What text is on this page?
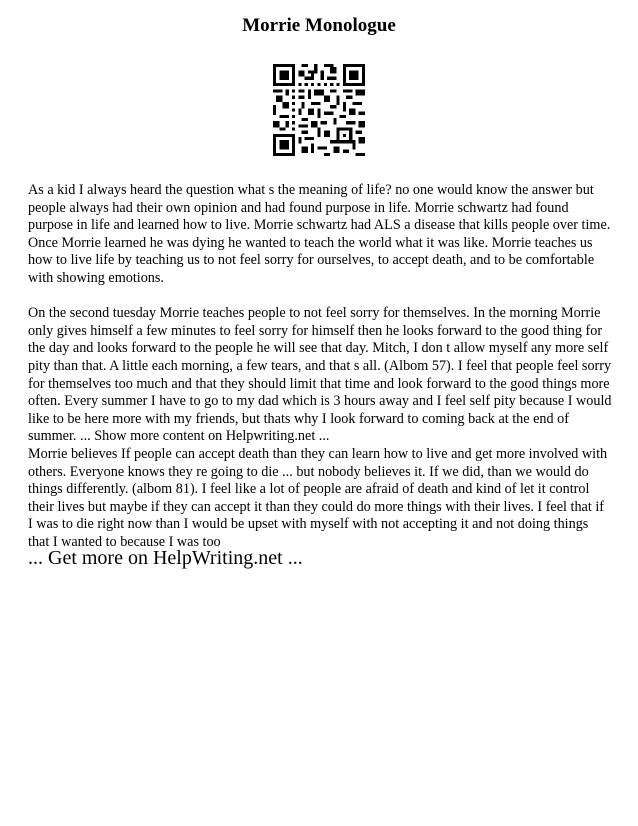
Morrie Monologue

As a kid I always heard the question what s the meaning of life? no one would know the answer but people always had their own opinion and had found purpose in life. Morrie schwartz had found purpose in life and learned how to live. Morrie schwartz had ALS a disease that kills people over time. Once Morrie learned he was dying he wanted to teach the world what it was like. Morrie teaches us how to live life by teaching us to not feel sorry for ourselves, to accept death, and to be comfortable with showing emotions.

On the second tuesday Morrie teaches people to not feel sorry for themselves. In the morning Morrie only gives himself a few minutes to feel sorry for himself then he looks forward to the good thing for the day and looks forward to the people he will see that day. Mitch, I don t allow myself any more self pity than that. A little each morning, a few tears, and that s all. (Albom 57). I feel that people feel sorry for themselves too much and that they should limit that time and look forward to the good things more often. Every summer I have to go to my dad which is 3 hours away and I feel self pity because I would like to be here more with my friends, but thats why I look forward to coming back at the end of summer. ... Show more content on Helpwriting.net ...

Morrie believes If people can accept death than they can learn how to live and get more involved with others. Everyone knows they re going to die ... but nobody believes it. If we did, than we would do things differently. (albom 81). I feel like a lot of people are afraid of death and kind of let it control their lives but maybe if they can accept it than they could do more things with their lives. I feel that if I was to die right now than I would be upset with myself with not accepting it and not doing things that I wanted to because I was too

... Get more on HelpWriting.net ...
